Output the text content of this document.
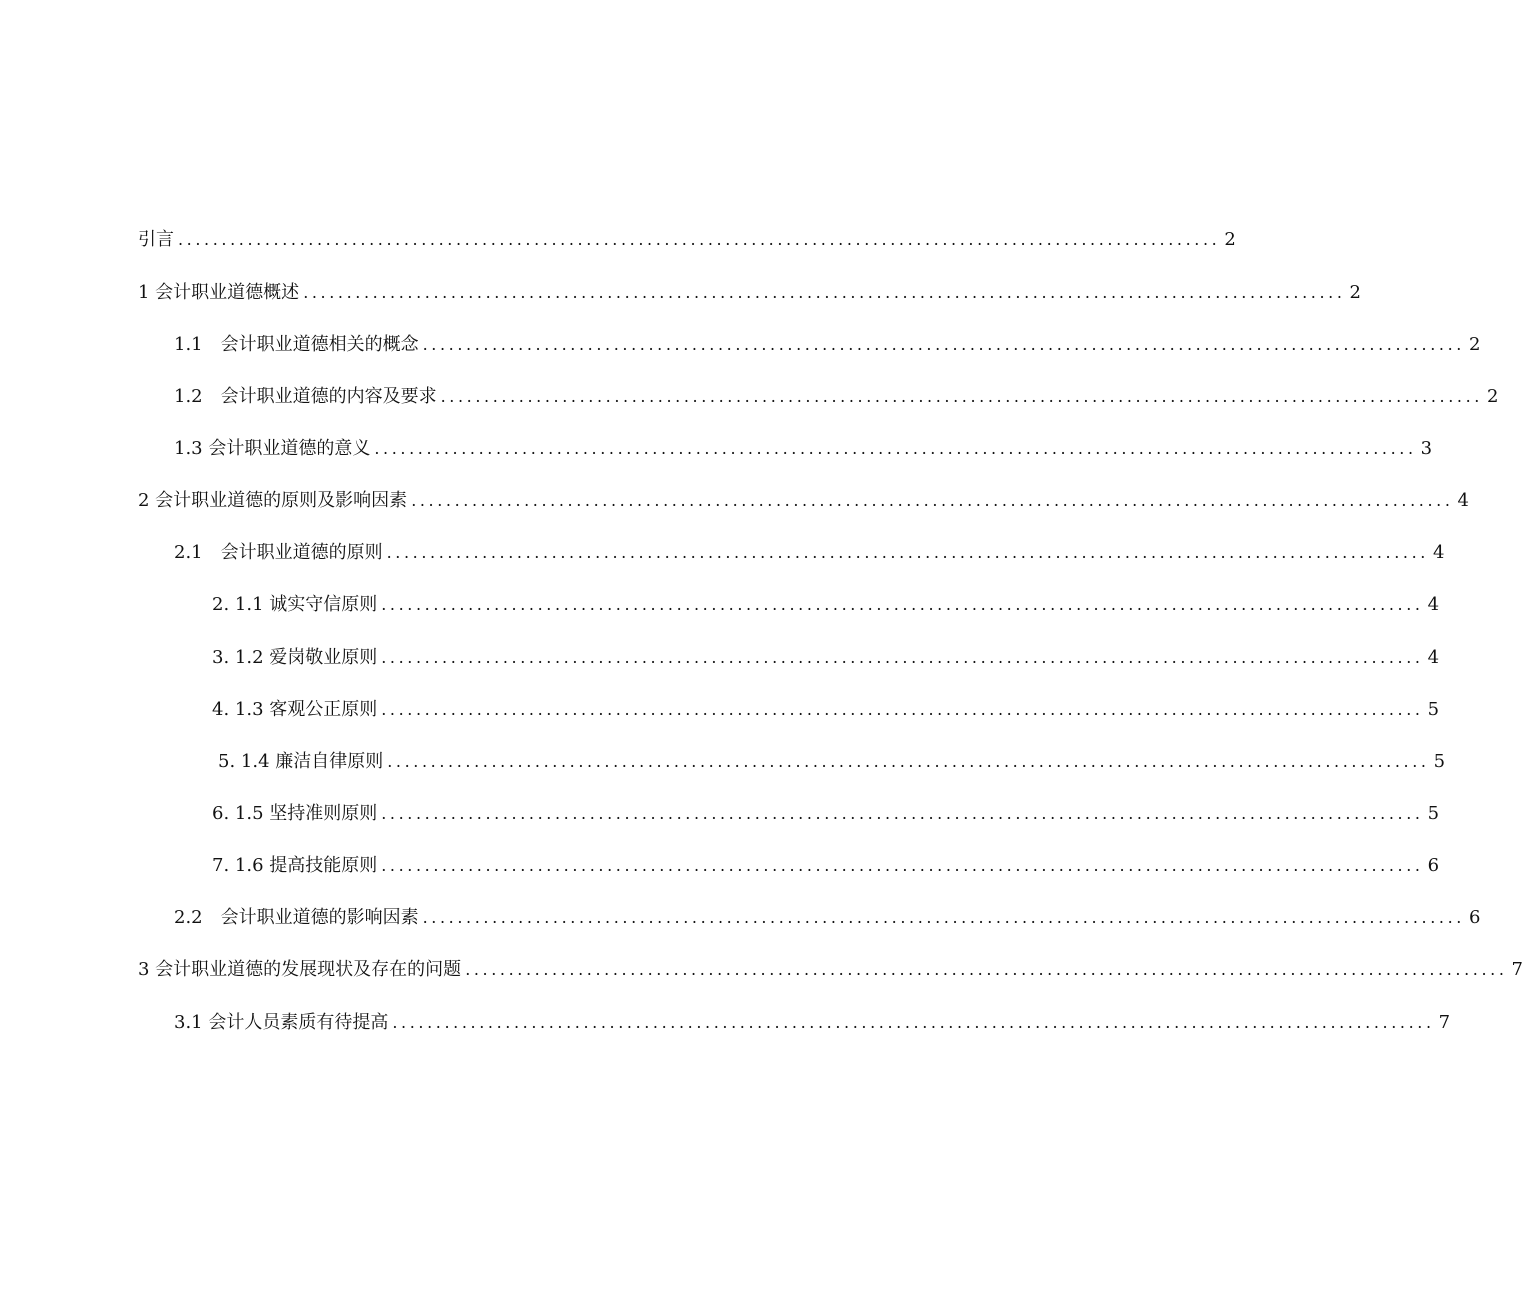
引言 ........................................................................................................................ 2
1 会计职业道德概述 ........................................................................................................................ 2
1.1　会计职业道德相关的概念 ........................................................................................................................ 2
1.2　会计职业道德的内容及要求 ........................................................................................................................ 2
1.3 会计职业道德的意义 ........................................................................................................................ 3
2 会计职业道德的原则及影响因素 ........................................................................................................................ 4
2.1　会计职业道德的原则 ........................................................................................................................ 4
2. 1.1 诚实守信原则 ........................................................................................................................ 4
3. 1.2 爱岗敬业原则 ........................................................................................................................ 4
4. 1.3 客观公正原则 ........................................................................................................................ 5
5. 1.4 廉洁自律原则 ........................................................................................................................ 5
6. 1.5 坚持准则原则 ........................................................................................................................ 5
7. 1.6 提高技能原则 ........................................................................................................................ 6
2.2　会计职业道德的影响因素 ........................................................................................................................ 6
3 会计职业道德的发展现状及存在的问题 ........................................................................................................................ 7
3.1 会计人员素质有待提高 ........................................................................................................................ 7
